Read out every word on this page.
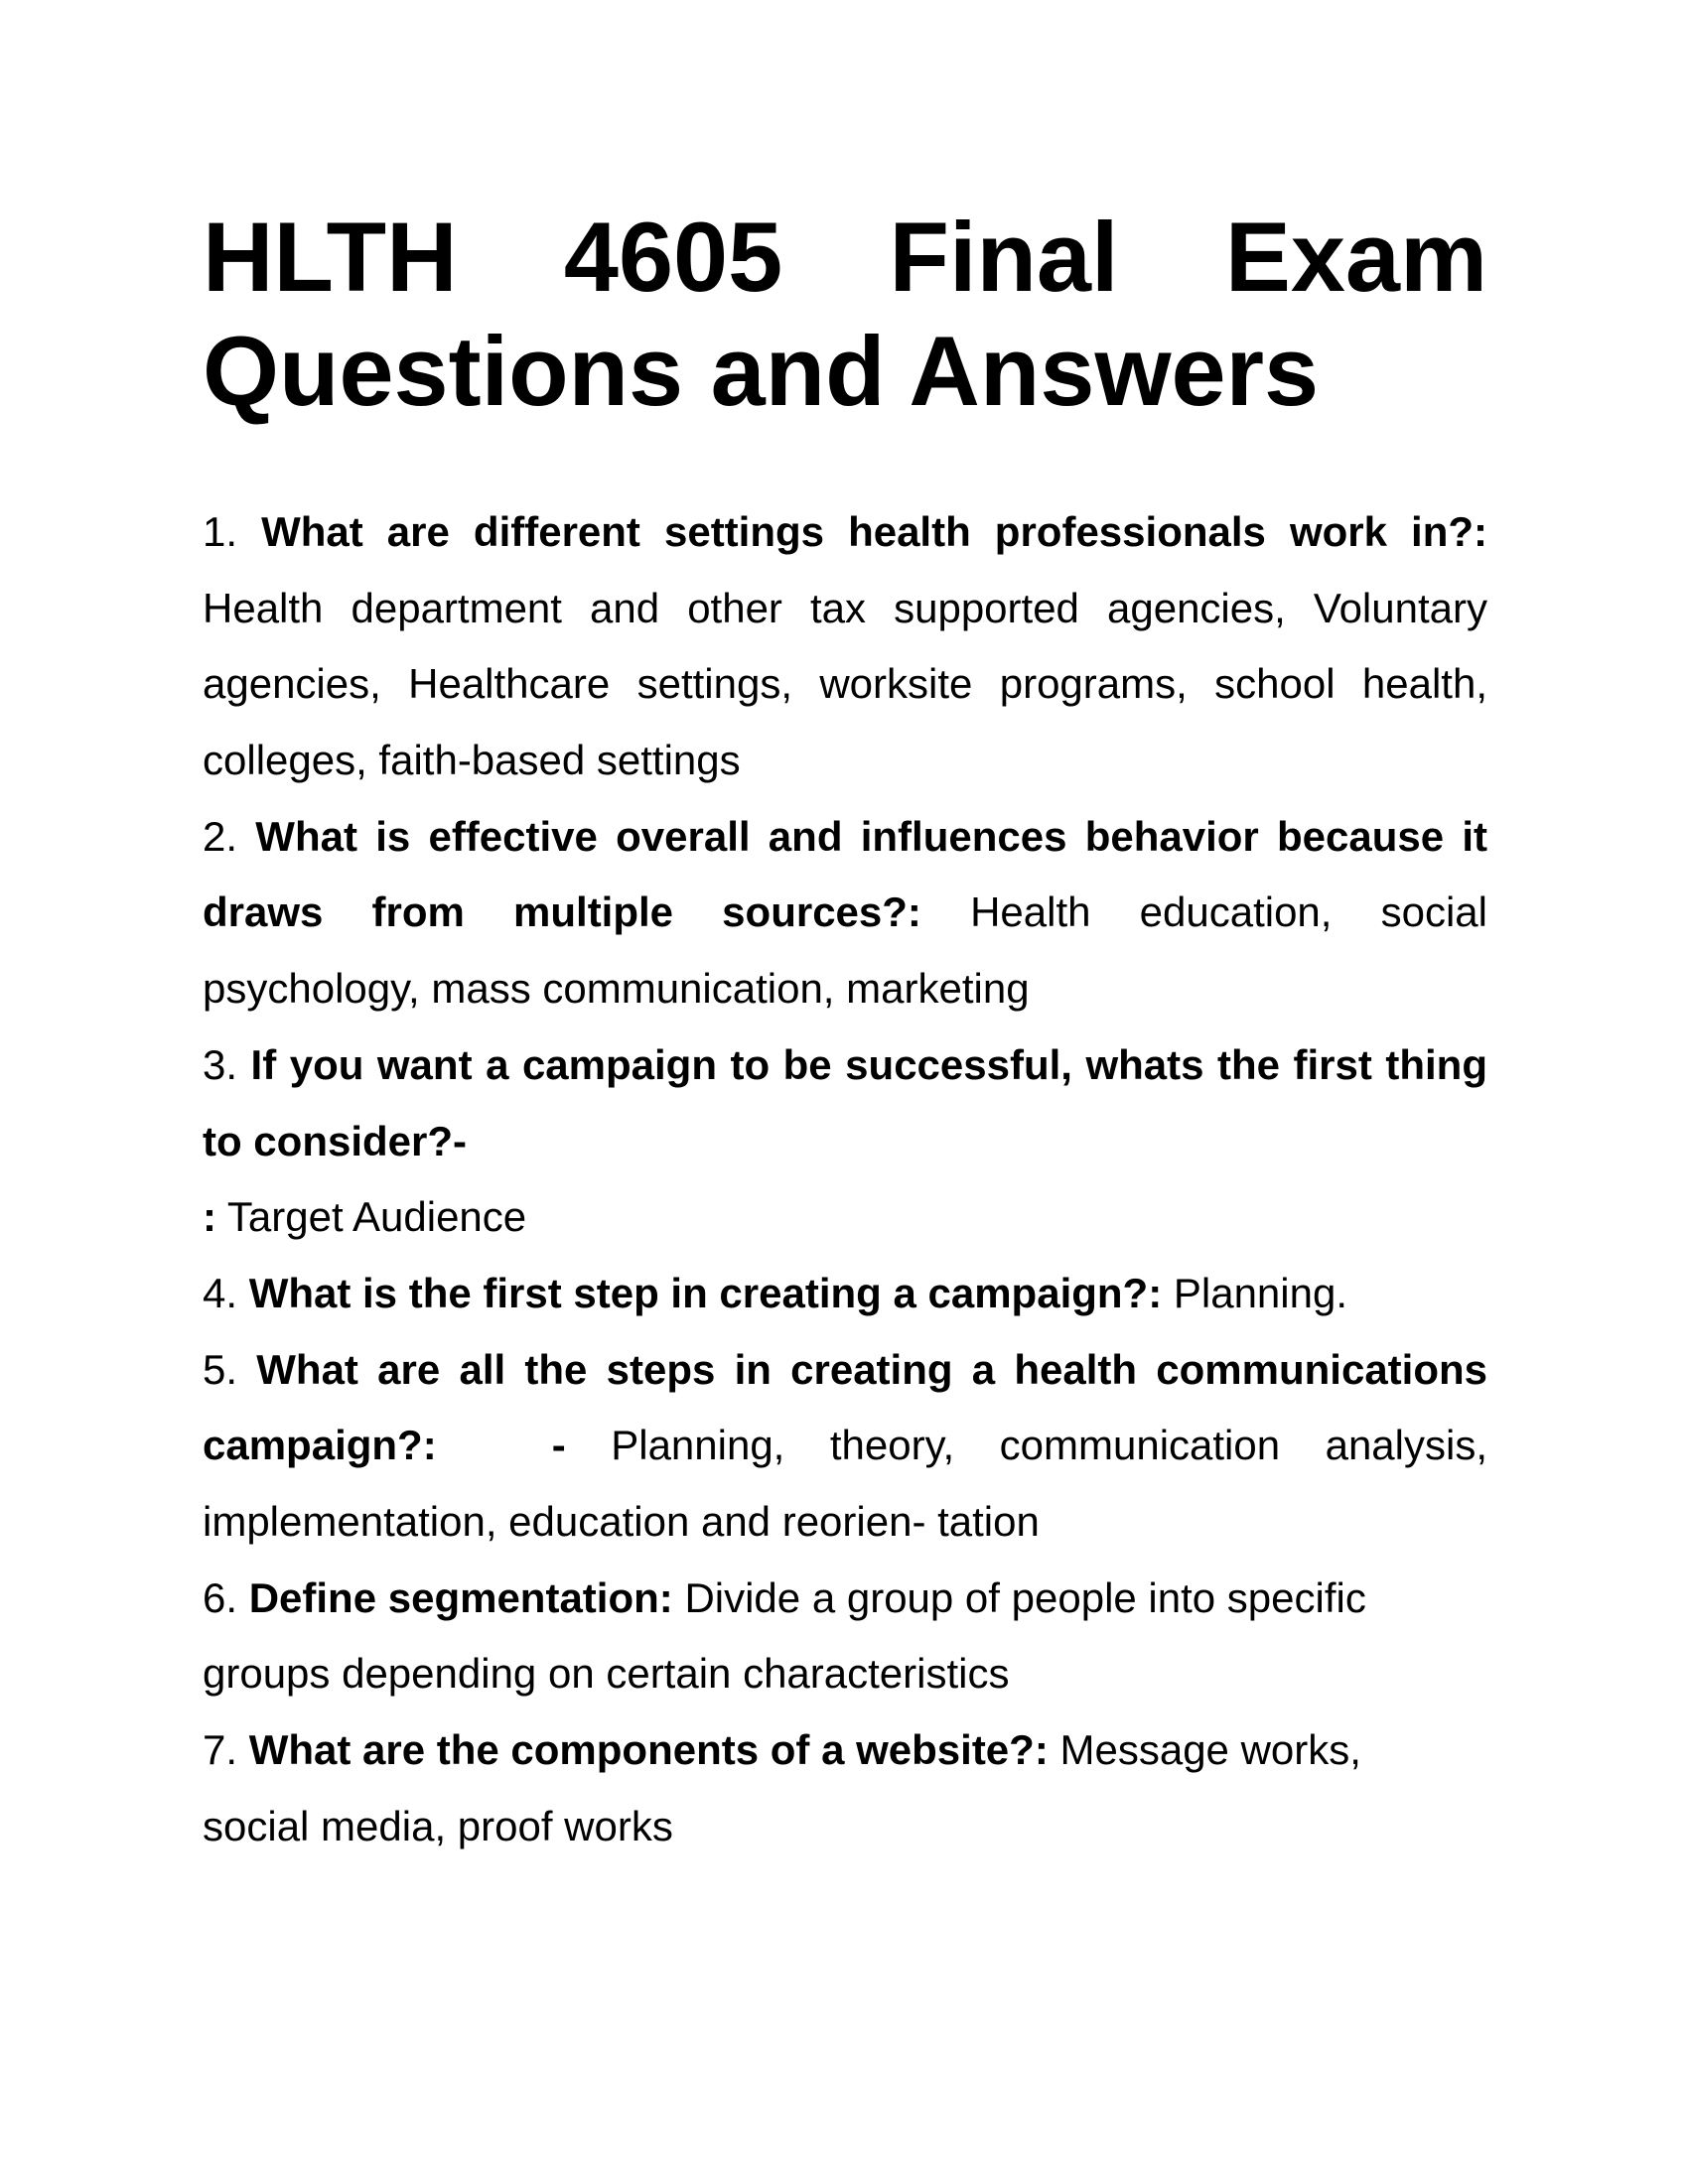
HLTH 4605 Final Exam
Questions and Answers
1. What are different settings health professionals work in?:
Health department and other tax supported agencies, Voluntary
agencies, Healthcare settings, worksite programs, school health,
colleges, faith-based settings
2. What is effective overall and influences behavior because it
draws from multiple sources?: Health education, social
psychology, mass communication, marketing
3. If you want a campaign to be successful, whats the first thing
to consider?-
: Target Audience
4. What is the first step in creating a campaign?: Planning.
5. What are all the steps in creating a health communications
campaign?:	- Planning, theory, communication analysis,
implementation, education and reorien- tation
6. Define segmentation: Divide a group of people into specific
groups depending on certain characteristics
7. What are the components of a website?: Message works,
social media, proof works
